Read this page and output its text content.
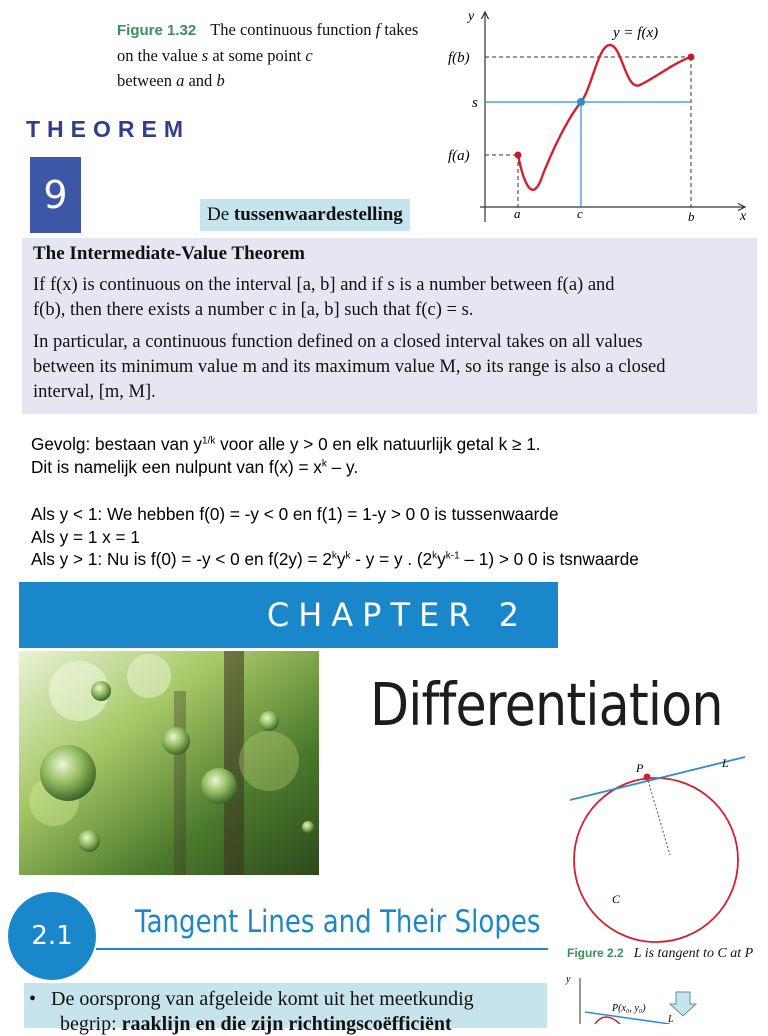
Figure 1.32 The continuous function f takes on the value s at some point c
between a and b
THEOREM
9	De tussenwaardestelling
y
x
y = f(x)
f(b)
s
f(a)
a	c	b
The Intermediate-Value Theorem
If f(x) is continuous on the interval [a, b] and if s is a number between f(a) and
f(b), then there exists a number c in [a, b] such that f(c) = s.
In particular, a continuous function defined on a closed interval takes on all values
between its minimum value m and its maximum value M, so its range is also a closed
interval, [m, M].
Gevolg: bestaan van $y^{1/k}$ voor alle y > 0 en elk natuurlijk getal k ≥ 1.
Dit is namelijk een nulpunt van $f(x) = x^k - y$.
Als y < 1: We hebben f(0) = -y < 0 en f(1) = 1-y > 0 0 is tussenwaarde
Als y = 1 x = 1
Als y > 1: Nu is f(0) = -y < 0 en $f(2y) = 2^ky^k - y = y$ . $(2^ky^{k-1} - 1) > 0$ 0 is tsnwaarde
CHAPTER 2
Differentiation
P	L
C
2.1	Tangent Lines and Their Slopes
Figure 2.2 L is tangent to C at P
y
P(x₀, y₀)
L
•   De oorsprong van afgeleide komt uit het meetkundig
begrip: raaklijn en die zijn richtingscoëfficiënt
